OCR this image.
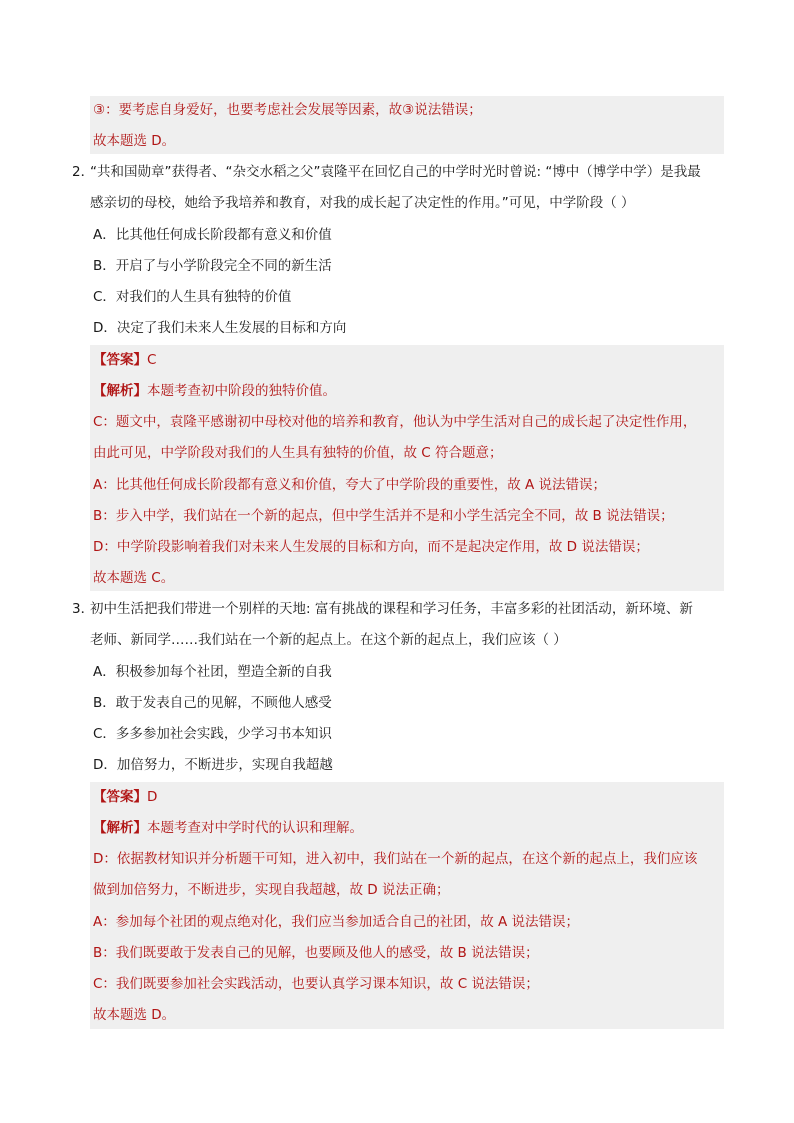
③：要考虑自身爱好，也要考虑社会发展等因素，故③说法错误；
故本题选 D。
2．
“共和国勋章”获得者、“杂交水稻之父”袁隆平在回忆自己的中学时光时曾说: “博中（博学中学）是我最
感亲切的母校，她给予我培养和教育，对我的成长起了决定性的作用。”可见，中学阶段（ ）
A．比其他任何成长阶段都有意义和价值
B．开启了与小学阶段完全不同的新生活
C．对我们的人生具有独特的价值
D．决定了我们未来人生发展的目标和方向
【答案】C
【解析】本题考查初中阶段的独特价值。
C：题文中，袁隆平感谢初中母校对他的培养和教育，他认为中学生活对自己的成长起了决定性作用，
由此可见，中学阶段对我们的人生具有独特的价值，故 C 符合题意；
A：比其他任何成长阶段都有意义和价值，夸大了中学阶段的重要性，故 A 说法错误；
B：步入中学，我们站在一个新的起点，但中学生活并不是和小学生活完全不同，故 B 说法错误；
D：中学阶段影响着我们对未来人生发展的目标和方向，而不是起决定作用，故 D 说法错误；
故本题选 C。
3．
初中生活把我们带进一个别样的天地: 富有挑战的课程和学习任务，丰富多彩的社团活动，新环境、新
老师、新同学……我们站在一个新的起点上。在这个新的起点上，我们应该（ ）
A．积极参加每个社团，塑造全新的自我
B．敢于发表自己的见解，不顾他人感受
C．多多参加社会实践，少学习书本知识
D．加倍努力，不断进步，实现自我超越
【答案】D
【解析】本题考查对中学时代的认识和理解。
D：依据教材知识并分析题干可知，进入初中，我们站在一个新的起点，在这个新的起点上，我们应该
做到加倍努力，不断进步，实现自我超越，故 D 说法正确；
A：参加每个社团的观点绝对化，我们应当参加适合自己的社团，故 A 说法错误；
B：我们既要敢于发表自己的见解，也要顾及他人的感受，故 B 说法错误；
C：我们既要参加社会实践活动，也要认真学习课本知识，故 C 说法错误；
故本题选 D。
